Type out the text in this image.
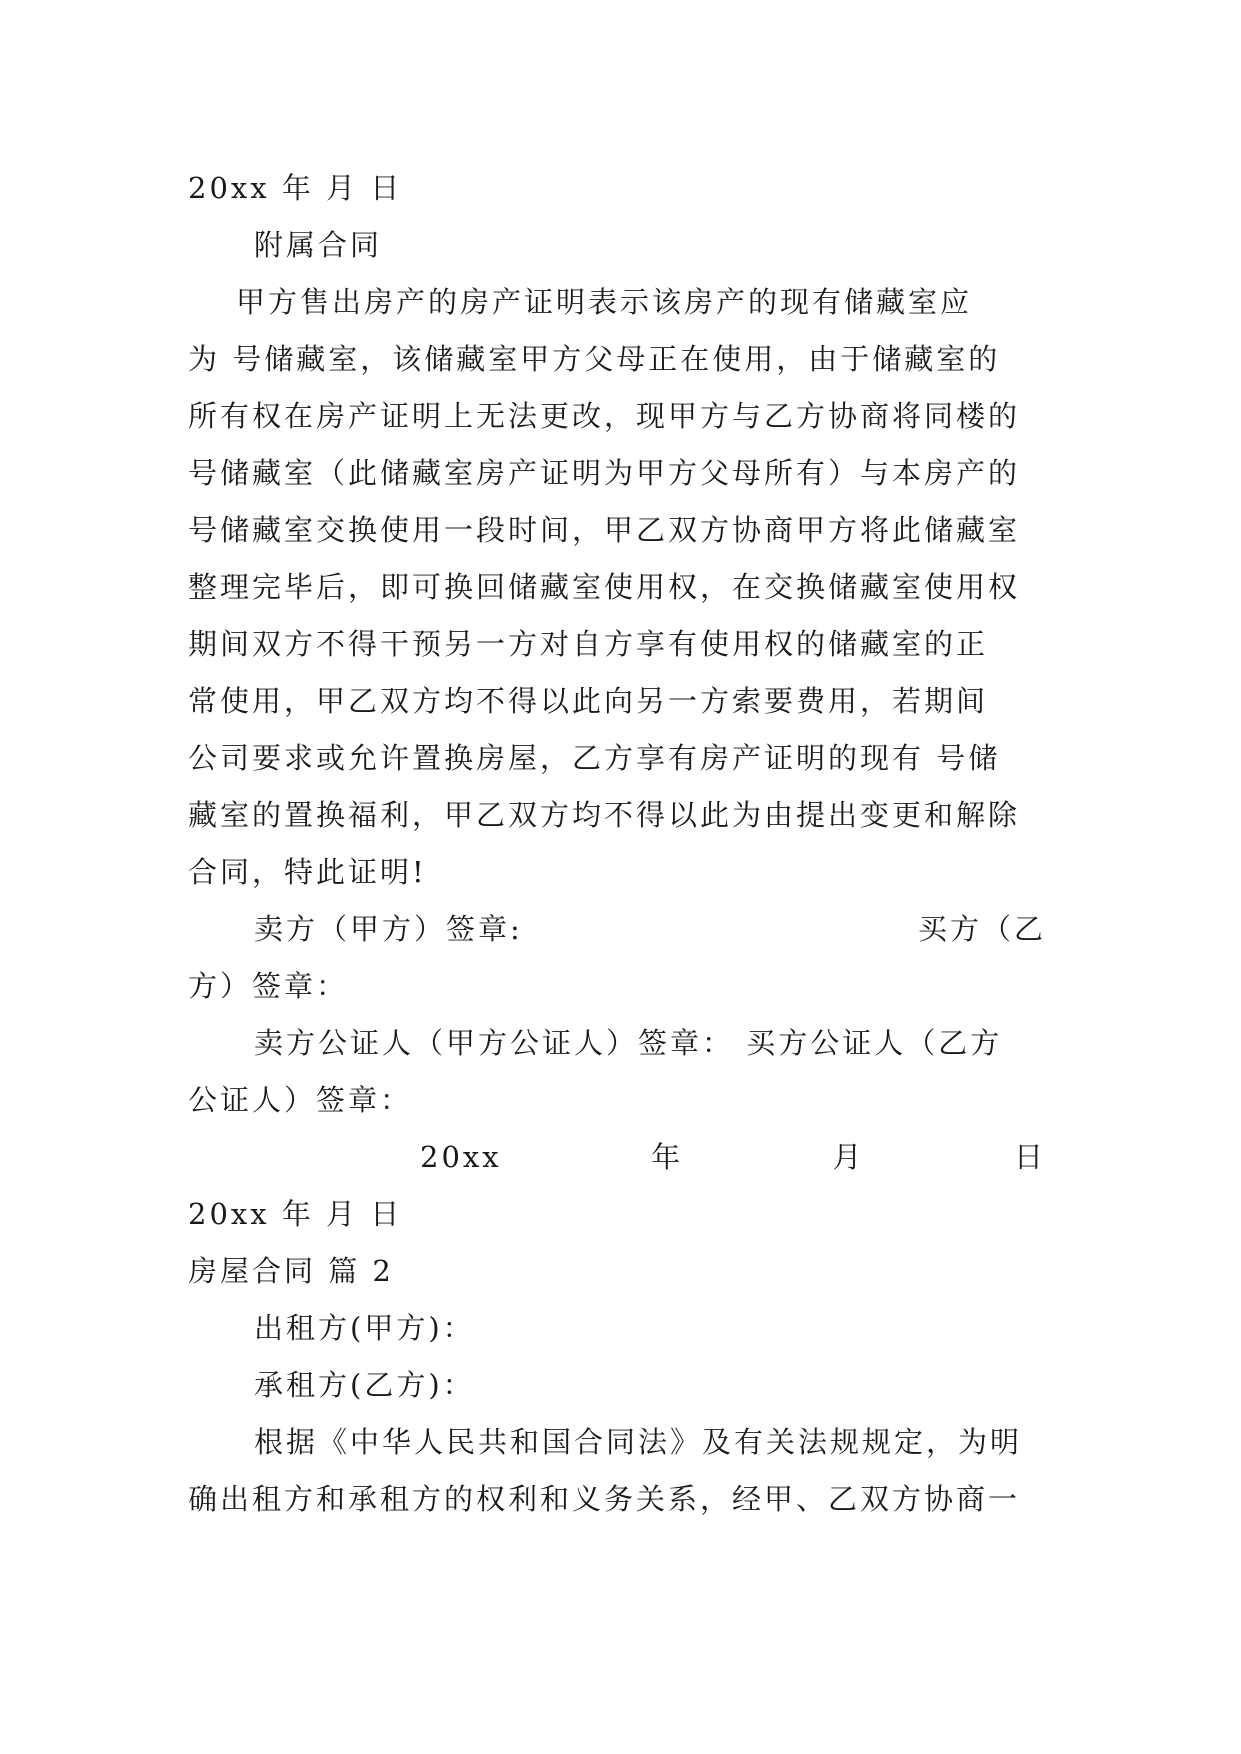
20xx 年 月 日

附属合同

甲方售出房产的房产证明表示该房产的现有储藏室应

为 号储藏室，该储藏室甲方父母正在使用，由于储藏室的

所有权在房产证明上无法更改，现甲方与乙方协商将同楼的

号储藏室（此储藏室房产证明为甲方父母所有）与本房产的

号储藏室交换使用一段时间，甲乙双方协商甲方将此储藏室

整理完毕后，即可换回储藏室使用权，在交换储藏室使用权

期间双方不得干预另一方对自方享有使用权的储藏室的正

常使用，甲乙双方均不得以此向另一方索要费用，若期间

公司要求或允许置换房屋，乙方享有房产证明的现有 号储

藏室的置换福利，甲乙双方均不得以此为由提出变更和解除

合同，特此证明!

卖方（甲方）签章:	买方（乙

方）签章：

卖方公证人（甲方公证人）签章： 买方公证人（乙方

公证人）签章：

20xx	年	月	日

20xx 年 月 日

房屋合同 篇 2

出租方(甲方)：

承租方(乙方)：

根据《中华人民共和国合同法》及有关法规规定，为明

确出租方和承租方的权利和义务关系，经甲、乙双方协商一
